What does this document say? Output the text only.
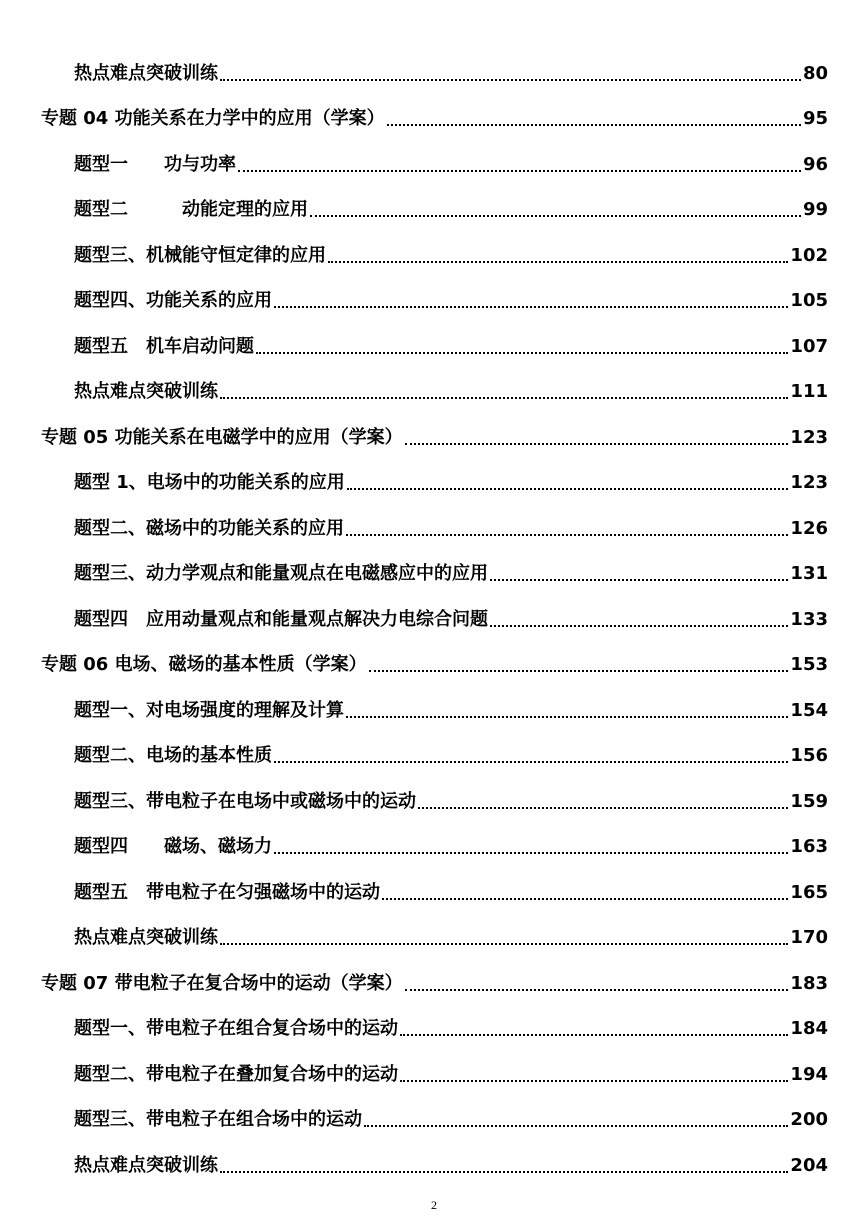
热点难点突破训练	80
专题 04 功能关系在力学中的应用（学案）	95
题型一　　功与功率	96
题型二　　　动能定理的应用	99
题型三、机械能守恒定律的应用	102
题型四、功能关系的应用	105
题型五　机车启动问题	107
热点难点突破训练	111
专题 05 功能关系在电磁学中的应用（学案）	123
题型 1、电场中的功能关系的应用	123
题型二、磁场中的功能关系的应用	126
题型三、动力学观点和能量观点在电磁感应中的应用	131
题型四　应用动量观点和能量观点解决力电综合问题	133
专题 06 电场、磁场的基本性质（学案）	153
题型一、对电场强度的理解及计算	154
题型二、电场的基本性质	156
题型三、带电粒子在电场中或磁场中的运动	159
题型四　　磁场、磁场力	163
题型五　带电粒子在匀强磁场中的运动	165
热点难点突破训练	170
专题 07 带电粒子在复合场中的运动（学案）	183
题型一、带电粒子在组合复合场中的运动	184
题型二、带电粒子在叠加复合场中的运动	194
题型三、带电粒子在组合场中的运动	200
热点难点突破训练	204
2
